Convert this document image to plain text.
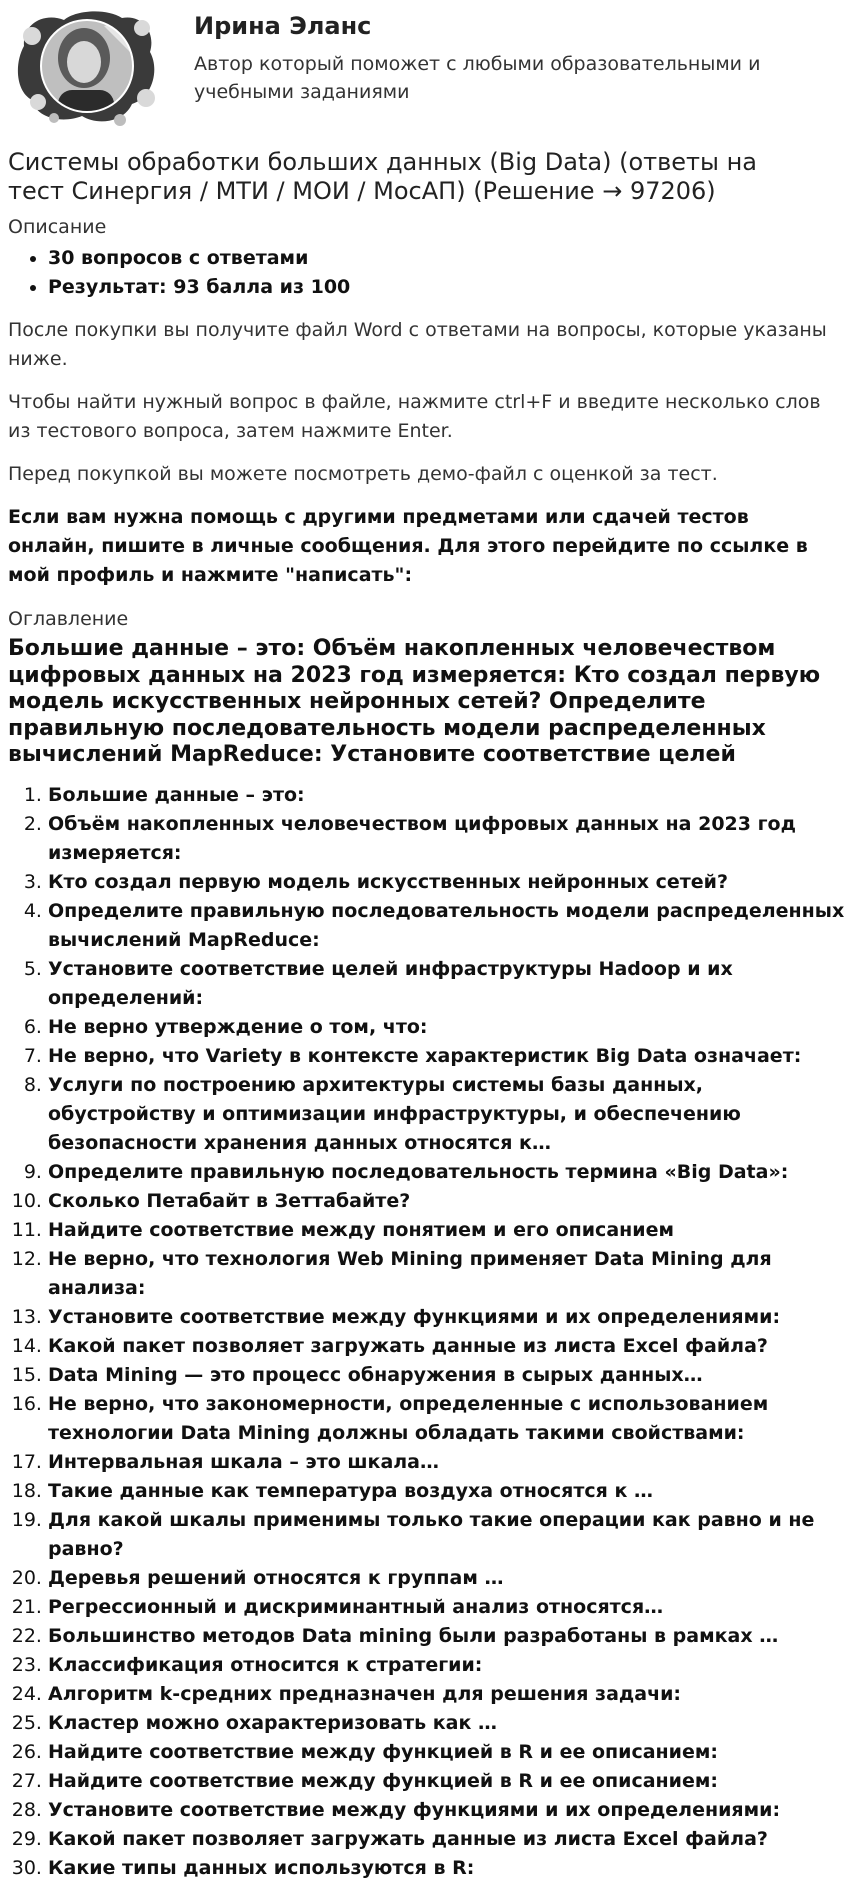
Ирина Эланс
Автор который поможет с любыми образовательными и учебными заданиями
Системы обработки больших данных (Big Data) (ответы на тест Синергия / МТИ / МОИ / МосАП) (Решение → 97206)
Описание
• 30 вопросов с ответами
• Результат: 93 балла из 100

После покупки вы получите файл Word с ответами на вопросы, которые указаны ниже.

Чтобы найти нужный вопрос в файле, нажмите ctrl+F и введите несколько слов из тестового вопроса, затем нажмите Enter.

Перед покупкой вы можете посмотреть демо-файл с оценкой за тест.

Если вам нужна помощь с другими предметами или сдачей тестов онлайн, пишите в личные сообщения. Для этого перейдите по ссылке в мой профиль и нажмите "написать":

Оглавление
Большие данные – это: Объём накопленных человечеством цифровых данных на 2023 год измеряется: Кто создал первую модель искусственных нейронных сетей? Определите правильную последовательность модели распределенных вычислений MapReduce: Установите соответствие целей
1. Большие данные – это:
2. Объём накопленных человечеством цифровых данных на 2023 год измеряется:
3. Кто создал первую модель искусственных нейронных сетей?
4. Определите правильную последовательность модели распределенных вычислений MapReduce:
5. Установите соответствие целей инфраструктуры Hadoop и их определений:
6. Не верно утверждение о том, что:
7. Не верно, что Variety в контексте характеристик Big Data означает:
8. Услуги по построению архитектуры системы базы данных, обустройству и оптимизации инфраструктуры, и обеспечению безопасности хранения данных относятся к…
9. Определите правильную последовательность термина «Big Data»:
10. Сколько Петабайт в Зеттабайте?
11. Найдите соответствие между понятием и его описанием
12. Не верно, что технология Web Mining применяет Data Mining для анализа:
13. Установите соответствие между функциями и их определениями:
14. Какой пакет позволяет загружать данные из листа Excel файла?
15. Data Mining — это процесс обнаружения в сырых данных…
16. Не верно, что закономерности, определенные с использованием технологии Data Mining должны обладать такими свойствами:
17. Интервальная шкала – это шкала…
18. Такие данные как температура воздуха относятся к …
19. Для какой шкалы применимы только такие операции как равно и не равно?
20. Деревья решений относятся к группам …
21. Регрессионный и дискриминантный анализ относятся…
22. Большинство методов Data mining были разработаны в рамках …
23. Классификация относится к стратегии:
24. Алгоритм k-средних предназначен для решения задачи:
25. Кластер можно охарактеризовать как …
26. Найдите соответствие между функцией в R и ее описанием:
27. Найдите соответствие между функцией в R и ее описанием:
28. Установите соответствие между функциями и их определениями:
29. Какой пакет позволяет загружать данные из листа Excel файла?
30. Какие типы данных используются в R:
